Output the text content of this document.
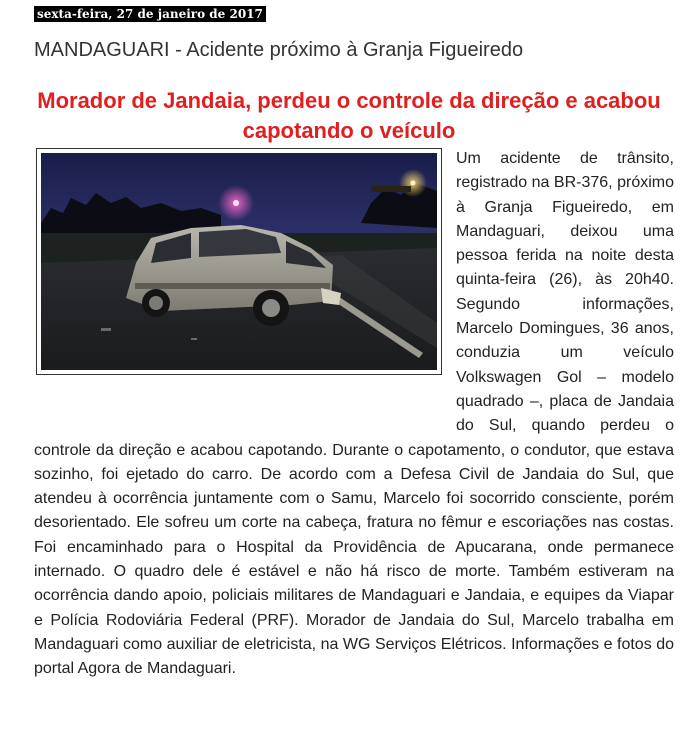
sexta-feira, 27 de janeiro de 2017
MANDAGUARI - Acidente próximo à Granja Figueiredo
Morador de Jandaia, perdeu o controle da direção e acabou capotando o veículo
Um acidente de trânsito, registrado na BR-376, próximo à Granja Figueiredo, em Mandaguari, deixou uma pessoa ferida na noite desta quinta-feira (26), às 20h40. Segundo informações, Marcelo Domingues, 36 anos, conduzia um veículo Volkswagen Gol – modelo quadrado –, placa de Jandaia do Sul, quando perdeu o controle da direção e acabou capotando. Durante o capotamento, o condutor, que estava sozinho, foi ejetado do carro. De acordo com a Defesa Civil de Jandaia do Sul, que atendeu à ocorrência juntamente com o Samu, Marcelo foi socorrido consciente, porém desorientado. Ele sofreu um corte na cabeça, fratura no fêmur e escoriações nas costas. Foi encaminhado para o Hospital da Providência de Apucarana, onde permanece internado. O quadro dele é estável e não há risco de morte. Também estiveram na ocorrência dando apoio, policiais militares de Mandaguari e Jandaia, e equipes da Viapar e Polícia Rodoviária Federal (PRF). Morador de Jandaia do Sul, Marcelo trabalha em Mandaguari como auxiliar de eletricista, na WG Serviços Elétricos. Informações e fotos do portal Agora de Mandaguari.
